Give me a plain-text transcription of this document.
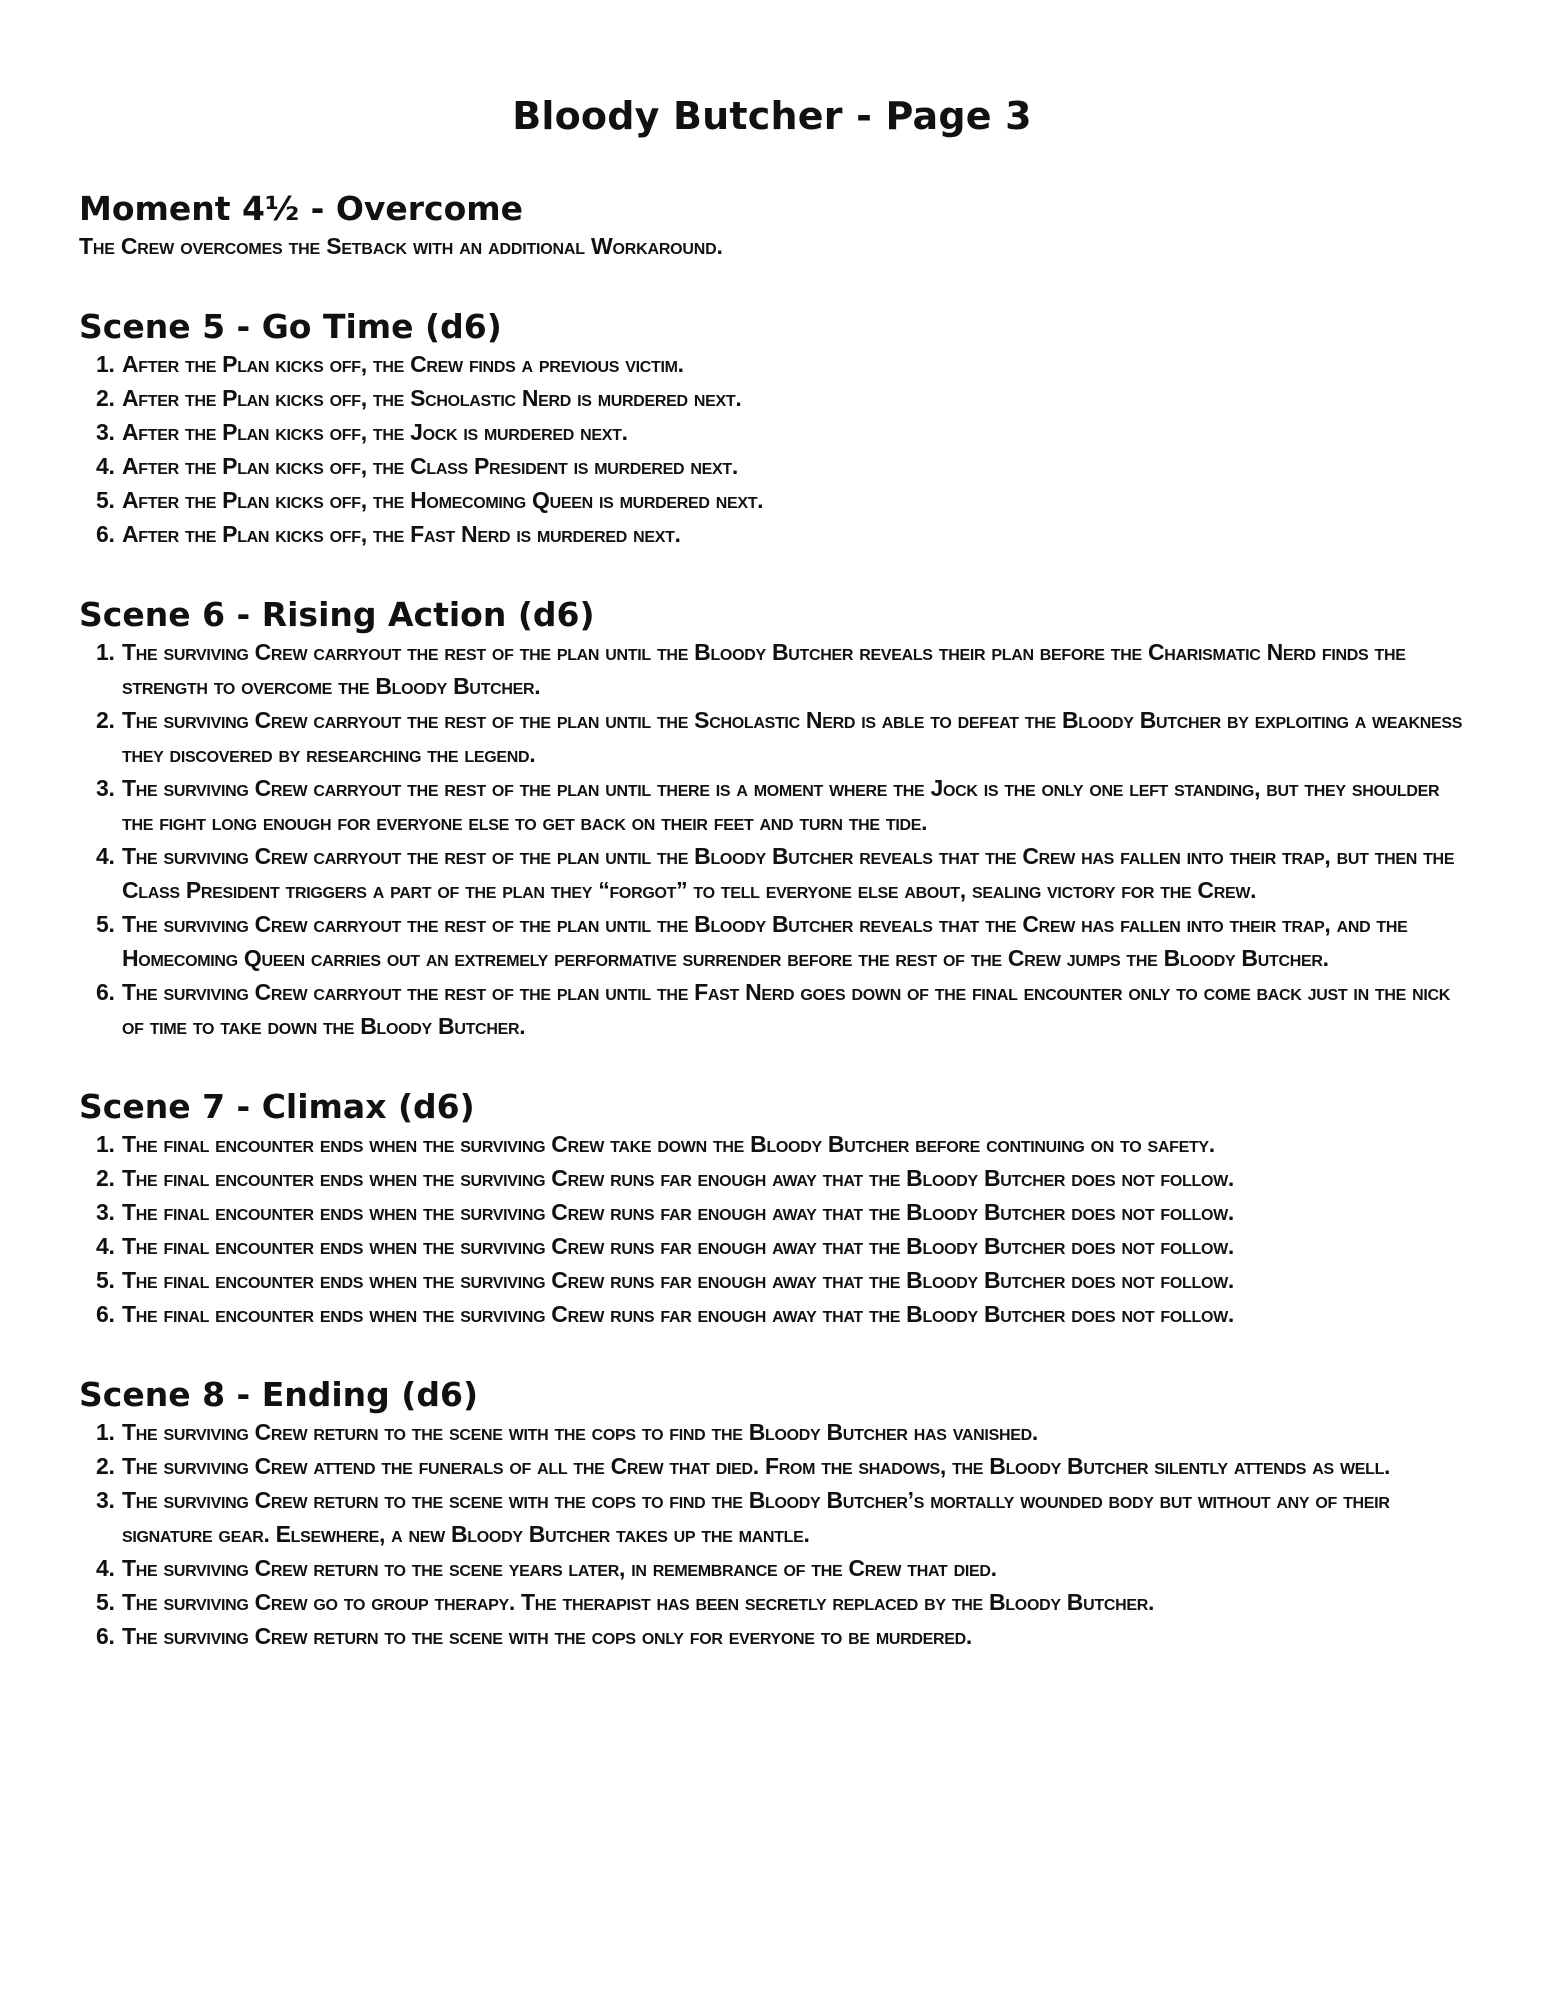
Bloody Butcher - Page 3
Moment 4½ - Overcome

The Crew overcomes the Setback with an additional Workaround.

Scene 5 - Go Time (d6)
1. After the Plan kicks off, the Crew finds a previous victim.
2. After the Plan kicks off, the Scholastic Nerd is murdered next.
3. After the Plan kicks off, the Jock is murdered next.
4. After the Plan kicks off, the Class President is murdered next.
5. After the Plan kicks off, the Homecoming Queen is murdered next.
6. After the Plan kicks off, the Fast Nerd is murdered next.
Scene 6 - Rising Action (d6)
1. The surviving Crew carryout the rest of the plan until the Bloody Butcher reveals their plan before the Charismatic Nerd finds the strength to overcome the Bloody Butcher.
2. The surviving Crew carryout the rest of the plan until the Scholastic Nerd is able to defeat the Bloody Butcher by exploiting a weakness they discovered by researching the legend.
3. The surviving Crew carryout the rest of the plan until there is a moment where the Jock is the only one left standing, but they shoulder the fight long enough for everyone else to get back on their feet and turn the tide.
4. The surviving Crew carryout the rest of the plan until the Bloody Butcher reveals that the Crew has fallen into their trap, but then the Class President triggers a part of the plan they “forgot” to tell everyone else about, sealing victory for the Crew.
5. The surviving Crew carryout the rest of the plan until the Bloody Butcher reveals that the Crew has fallen into their trap, and the Homecoming Queen carries out an extremely performative surrender before the rest of the Crew jumps the Bloody Butcher.
6. The surviving Crew carryout the rest of the plan until the Fast Nerd goes down of the final encounter only to come back just in the nick of time to take down the Bloody Butcher.
Scene 7 - Climax (d6)
1. The final encounter ends when the surviving Crew take down the Bloody Butcher before continuing on to safety.
2. The final encounter ends when the surviving Crew runs far enough away that the Bloody Butcher does not follow.
3. The final encounter ends when the surviving Crew runs far enough away that the Bloody Butcher does not follow.
4. The final encounter ends when the surviving Crew runs far enough away that the Bloody Butcher does not follow.
5. The final encounter ends when the surviving Crew runs far enough away that the Bloody Butcher does not follow.
6. The final encounter ends when the surviving Crew runs far enough away that the Bloody Butcher does not follow.
Scene 8 - Ending (d6)
1. The surviving Crew return to the scene with the cops to find the Bloody Butcher has vanished.
2. The surviving Crew attend the funerals of all the Crew that died. From the shadows, the Bloody Butcher silently attends as well.
3. The surviving Crew return to the scene with the cops to find the Bloody Butcher’s mortally wounded body but without any of their signature gear. Elsewhere, a new Bloody Butcher takes up the mantle.
4. The surviving Crew return to the scene years later, in remembrance of the Crew that died.
5. The surviving Crew go to group therapy. The therapist has been secretly replaced by the Bloody Butcher.
6. The surviving Crew return to the scene with the cops only for everyone to be murdered.
